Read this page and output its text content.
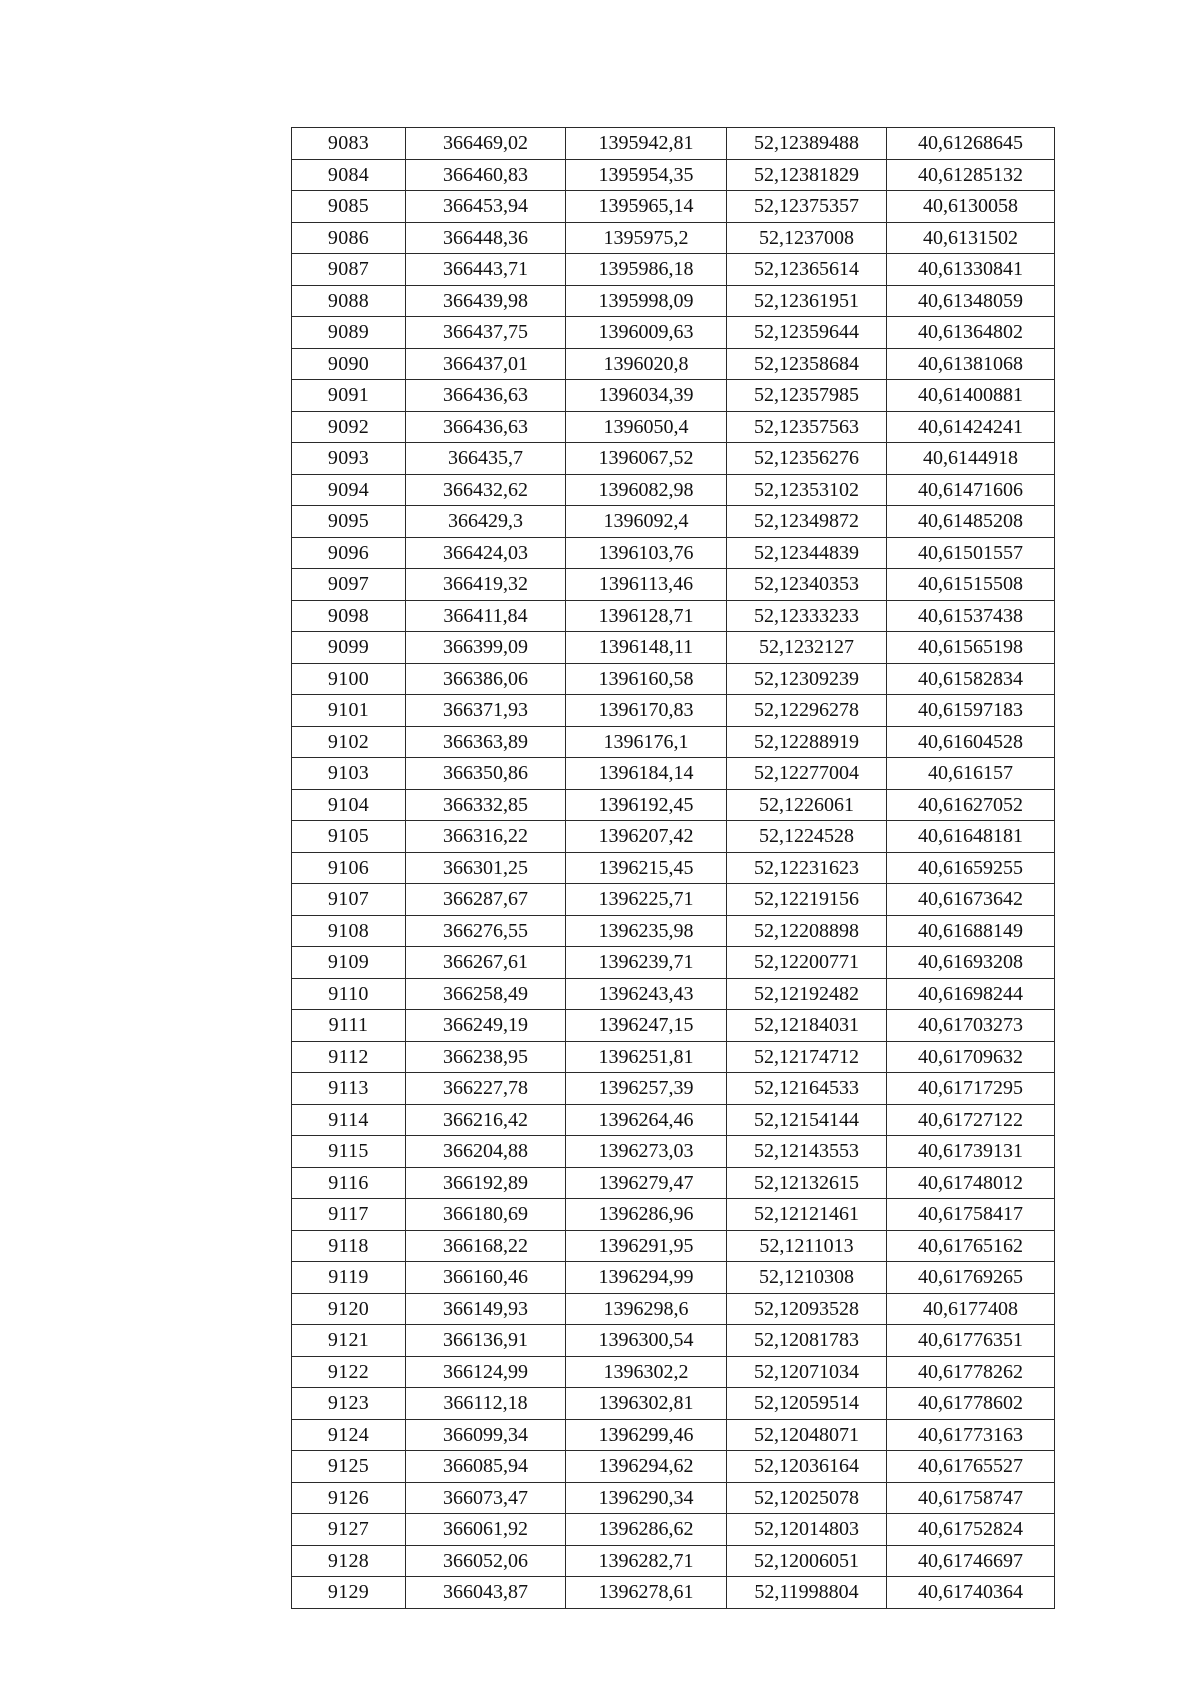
9083	366469,02	1395942,81	52,12389488	40,61268645
9084	366460,83	1395954,35	52,12381829	40,61285132
9085	366453,94	1395965,14	52,12375357	40,6130058
9086	366448,36	1395975,2	52,1237008	40,6131502
9087	366443,71	1395986,18	52,12365614	40,61330841
9088	366439,98	1395998,09	52,12361951	40,61348059
9089	366437,75	1396009,63	52,12359644	40,61364802
9090	366437,01	1396020,8	52,12358684	40,61381068
9091	366436,63	1396034,39	52,12357985	40,61400881
9092	366436,63	1396050,4	52,12357563	40,61424241
9093	366435,7	1396067,52	52,12356276	40,6144918
9094	366432,62	1396082,98	52,12353102	40,61471606
9095	366429,3	1396092,4	52,12349872	40,61485208
9096	366424,03	1396103,76	52,12344839	40,61501557
9097	366419,32	1396113,46	52,12340353	40,61515508
9098	366411,84	1396128,71	52,12333233	40,61537438
9099	366399,09	1396148,11	52,1232127	40,61565198
9100	366386,06	1396160,58	52,12309239	40,61582834
9101	366371,93	1396170,83	52,12296278	40,61597183
9102	366363,89	1396176,1	52,12288919	40,61604528
9103	366350,86	1396184,14	52,12277004	40,616157
9104	366332,85	1396192,45	52,1226061	40,61627052
9105	366316,22	1396207,42	52,1224528	40,61648181
9106	366301,25	1396215,45	52,12231623	40,61659255
9107	366287,67	1396225,71	52,12219156	40,61673642
9108	366276,55	1396235,98	52,12208898	40,61688149
9109	366267,61	1396239,71	52,12200771	40,61693208
9110	366258,49	1396243,43	52,12192482	40,61698244
9111	366249,19	1396247,15	52,12184031	40,61703273
9112	366238,95	1396251,81	52,12174712	40,61709632
9113	366227,78	1396257,39	52,12164533	40,61717295
9114	366216,42	1396264,46	52,12154144	40,61727122
9115	366204,88	1396273,03	52,12143553	40,61739131
9116	366192,89	1396279,47	52,12132615	40,61748012
9117	366180,69	1396286,96	52,12121461	40,61758417
9118	366168,22	1396291,95	52,1211013	40,61765162
9119	366160,46	1396294,99	52,1210308	40,61769265
9120	366149,93	1396298,6	52,12093528	40,6177408
9121	366136,91	1396300,54	52,12081783	40,61776351
9122	366124,99	1396302,2	52,12071034	40,61778262
9123	366112,18	1396302,81	52,12059514	40,61778602
9124	366099,34	1396299,46	52,12048071	40,61773163
9125	366085,94	1396294,62	52,12036164	40,61765527
9126	366073,47	1396290,34	52,12025078	40,61758747
9127	366061,92	1396286,62	52,12014803	40,61752824
9128	366052,06	1396282,71	52,12006051	40,61746697
9129	366043,87	1396278,61	52,11998804	40,61740364
